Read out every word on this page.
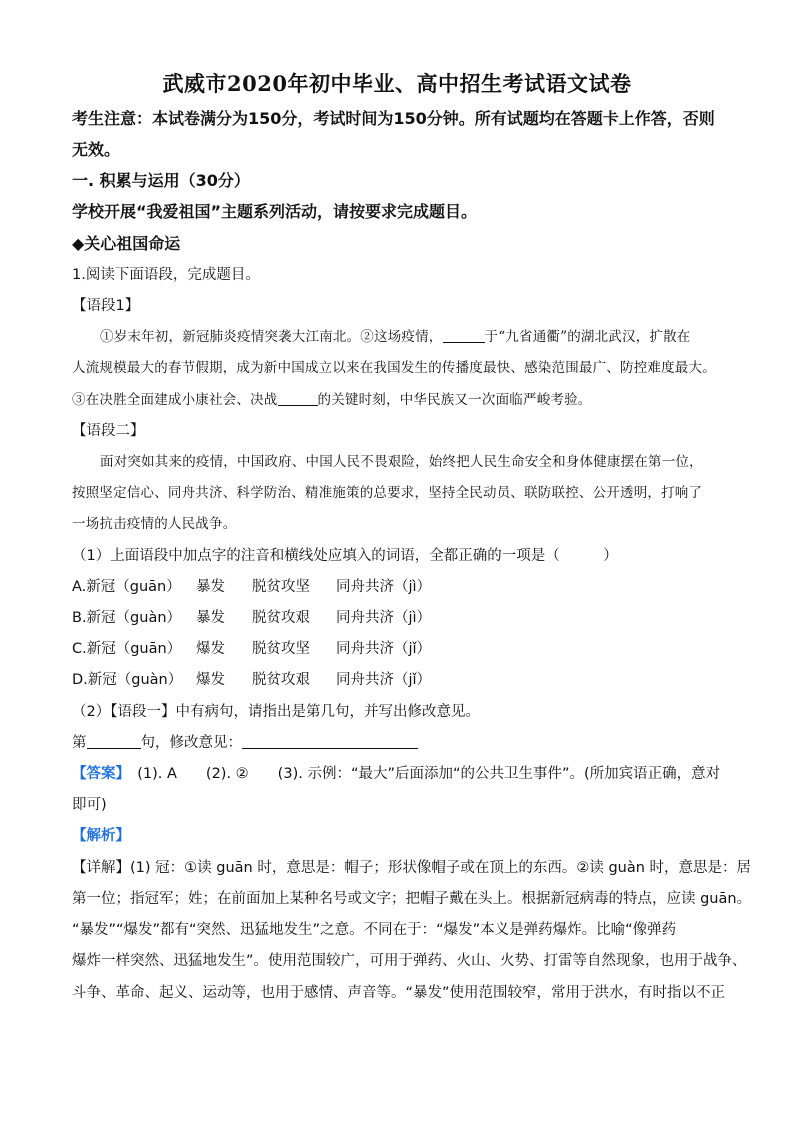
武威市2020年初中毕业、高中招生考试语文试卷
考生注意：本试卷满分为150分，考试时间为150分钟。所有试题均在答题卡上作答，否则
无效。
一. 积累与运用（30分）
学校开展“我爱祖国”主题系列活动，请按要求完成题目。
◆关心祖国命运
1.阅读下面语段，完成题目。
【语段1】
①岁末年初，新冠肺炎疫情突袭大江南北。②这场疫情，	于“九省通衢”的湖北武汉，扩散在
人流规模最大的春节假期，成为新中国成立以来在我国发生的传播度最快、感染范围最广、防控难度最大。
③在决胜全面建成小康社会、决战	的关键时刻，中华民族又一次面临严峻考验。
【语段二】
面对突如其来的疫情，中国政府、中国人民不畏艰险，始终把人民生命安全和身体健康摆在第一位，
按照坚定信心、同舟共济、科学防治、精准施策的总要求，坚持全民动员、联防联控、公开透明，打响了
一场抗击疫情的人民战争。
（1）上面语段中加点字的注音和横线处应填入的词语，全都正确的一项是（　　　）
A.新冠（guān） 暴发 脱贫攻坚 同舟共济（jì）
B.新冠（guàn） 暴发 脱贫攻艰 同舟共济（jì）
C.新冠（guān） 爆发 脱贫攻坚 同舟共济（jǐ）
D.新冠（guàn） 爆发 脱贫攻艰 同舟共济（jǐ）
（2）【语段一】中有病句，请指出是第几句，并写出修改意见。
第	句，修改意见：
【答案】　(1). A　　(2). ②　　(3). 示例：“最大”后面添加“的公共卫生事件”。(所加宾语正确，意对
即可)
【解析】
【详解】(1) 冠：①读 guān 时，意思是：帽子；形状像帽子或在顶上的东西。②读 guàn 时，意思是：居
第一位；指冠军；姓；在前面加上某种名号或文字；把帽子戴在头上。根据新冠病毒的特点，应读 guān。
“暴发”“爆发”都有“突然、迅猛地发生”之意。不同在于：“爆发”本义是弹药爆炸。比喻“像弹药
爆炸一样突然、迅猛地发生”。使用范围较广，可用于弹药、火山、火势、打雷等自然现象，也用于战争、
斗争、革命、起义、运动等，也用于感情、声音等。“暴发”使用范围较窄，常用于洪水，有时指以不正
